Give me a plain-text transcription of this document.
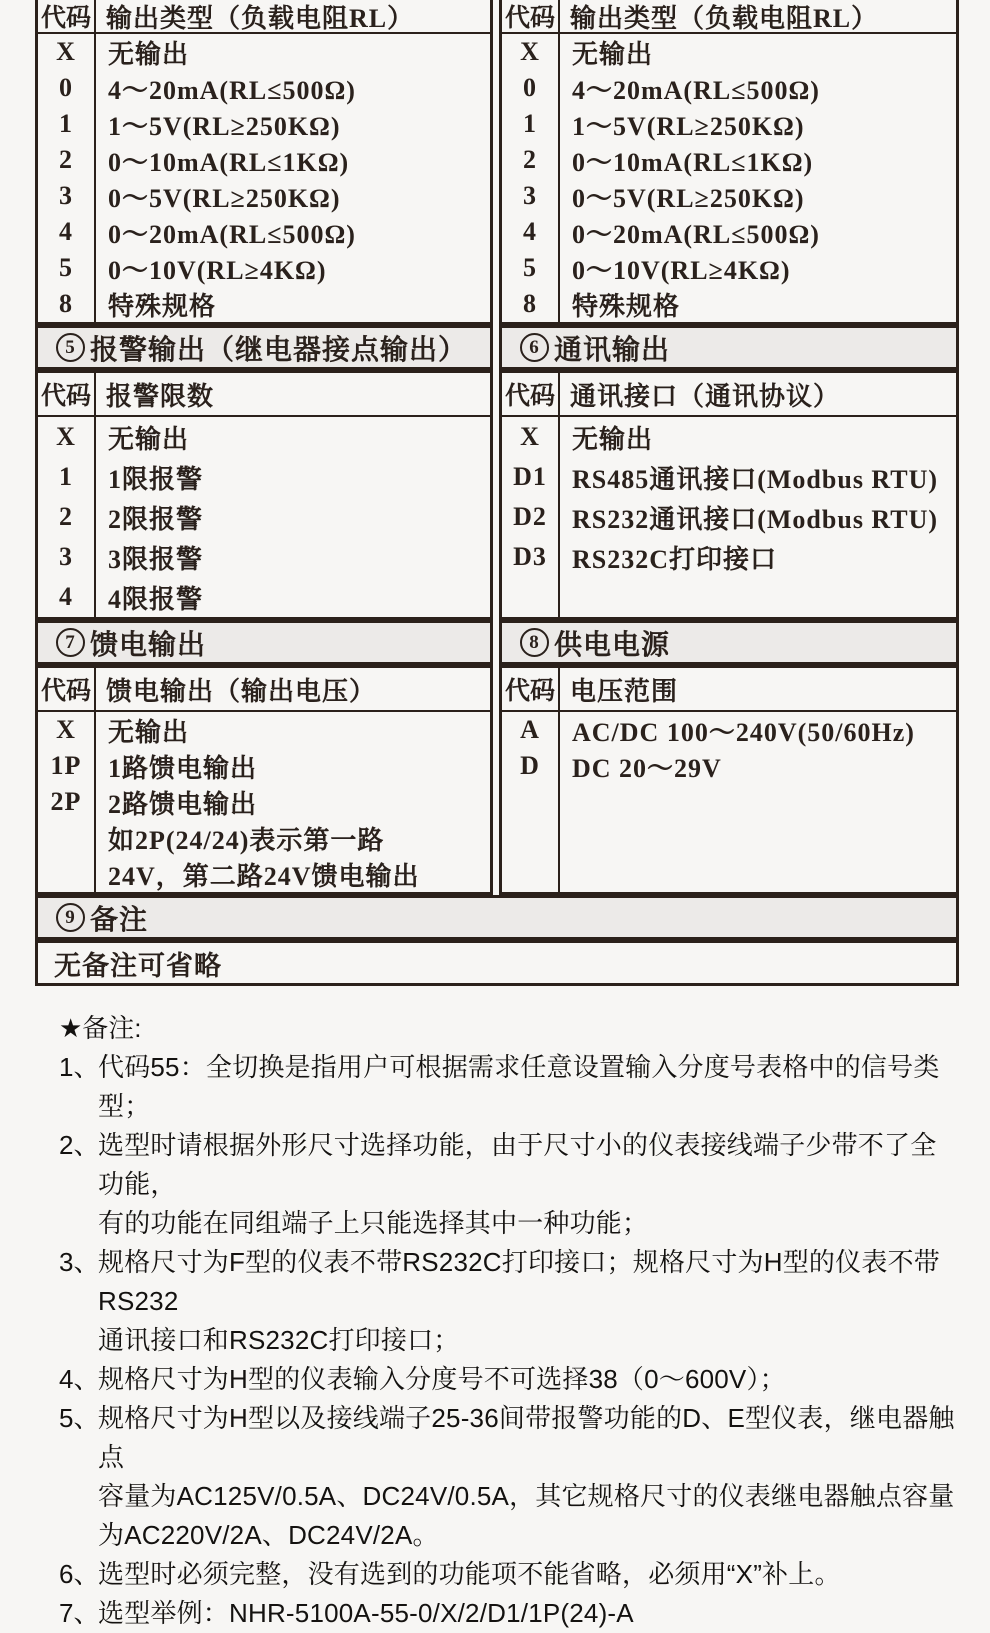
代码 输出类型（负载电阻RL）
X
0
1
2
3
4
5
8
无输出
4～20mA(RL≤500Ω)
1～5V(RL≥250KΩ)
0～10mA(RL≤1KΩ)
0～5V(RL≥250KΩ)
0～20mA(RL≤500Ω)
0～10V(RL≥4KΩ)
特殊规格
代码 输出类型（负载电阻RL）
X
0
1
2
3
4
5
8
无输出
4～20mA(RL≤500Ω)
1～5V(RL≥250KΩ)
0～10mA(RL≤1KΩ)
0～5V(RL≥250KΩ)
0～20mA(RL≤500Ω)
0～10V(RL≥4KΩ)
特殊规格
5 报警输出（继电器接点输出）	6 通讯输出
代码 报警限数
X
1
2
3
4
无输出
1限报警
2限报警
3限报警
4限报警
代码 通讯接口（通讯协议）
X
D1
D2
D3
无输出
RS485通讯接口(Modbus RTU)
RS232通讯接口(Modbus RTU)
RS232C打印接口
7 馈电输出	8 供电电源
代码 馈电输出（输出电压）
X
1P
2P
无输出
1路馈电输出
2路馈电输出
如2P(24/24)表示第一路
24V，第二路24V馈电输出
代码 电压范围
A
D
AC/DC 100～240V(50/60Hz)
DC 20～29V
9 备注
无备注可省略
★备注:
1、
代码55：全切换是指用户可根据需求任意设置输入分度号表格中的信号类型；
2、
选型时请根据外形尺寸选择功能，由于尺寸小的仪表接线端子少带不了全功能，
有的功能在同组端子上只能选择其中一种功能；
3、
规格尺寸为F型的仪表不带RS232C打印接口；规格尺寸为H型的仪表不带RS232
通讯接口和RS232C打印接口；
4、
规格尺寸为H型的仪表输入分度号不可选择38（0～600V）；
5、
规格尺寸为H型以及接线端子25-36间带报警功能的D、E型仪表，继电器触点
容量为AC125V/0.5A、DC24V/0.5A，其它规格尺寸的仪表继电器触点容量
为AC220V/2A、DC24V/2A。
6、
选型时必须完整，没有选到的功能项不能省略，必须用“X”补上。
7、
选型举例：NHR-5100A-55-0/X/2/D1/1P(24)-A
